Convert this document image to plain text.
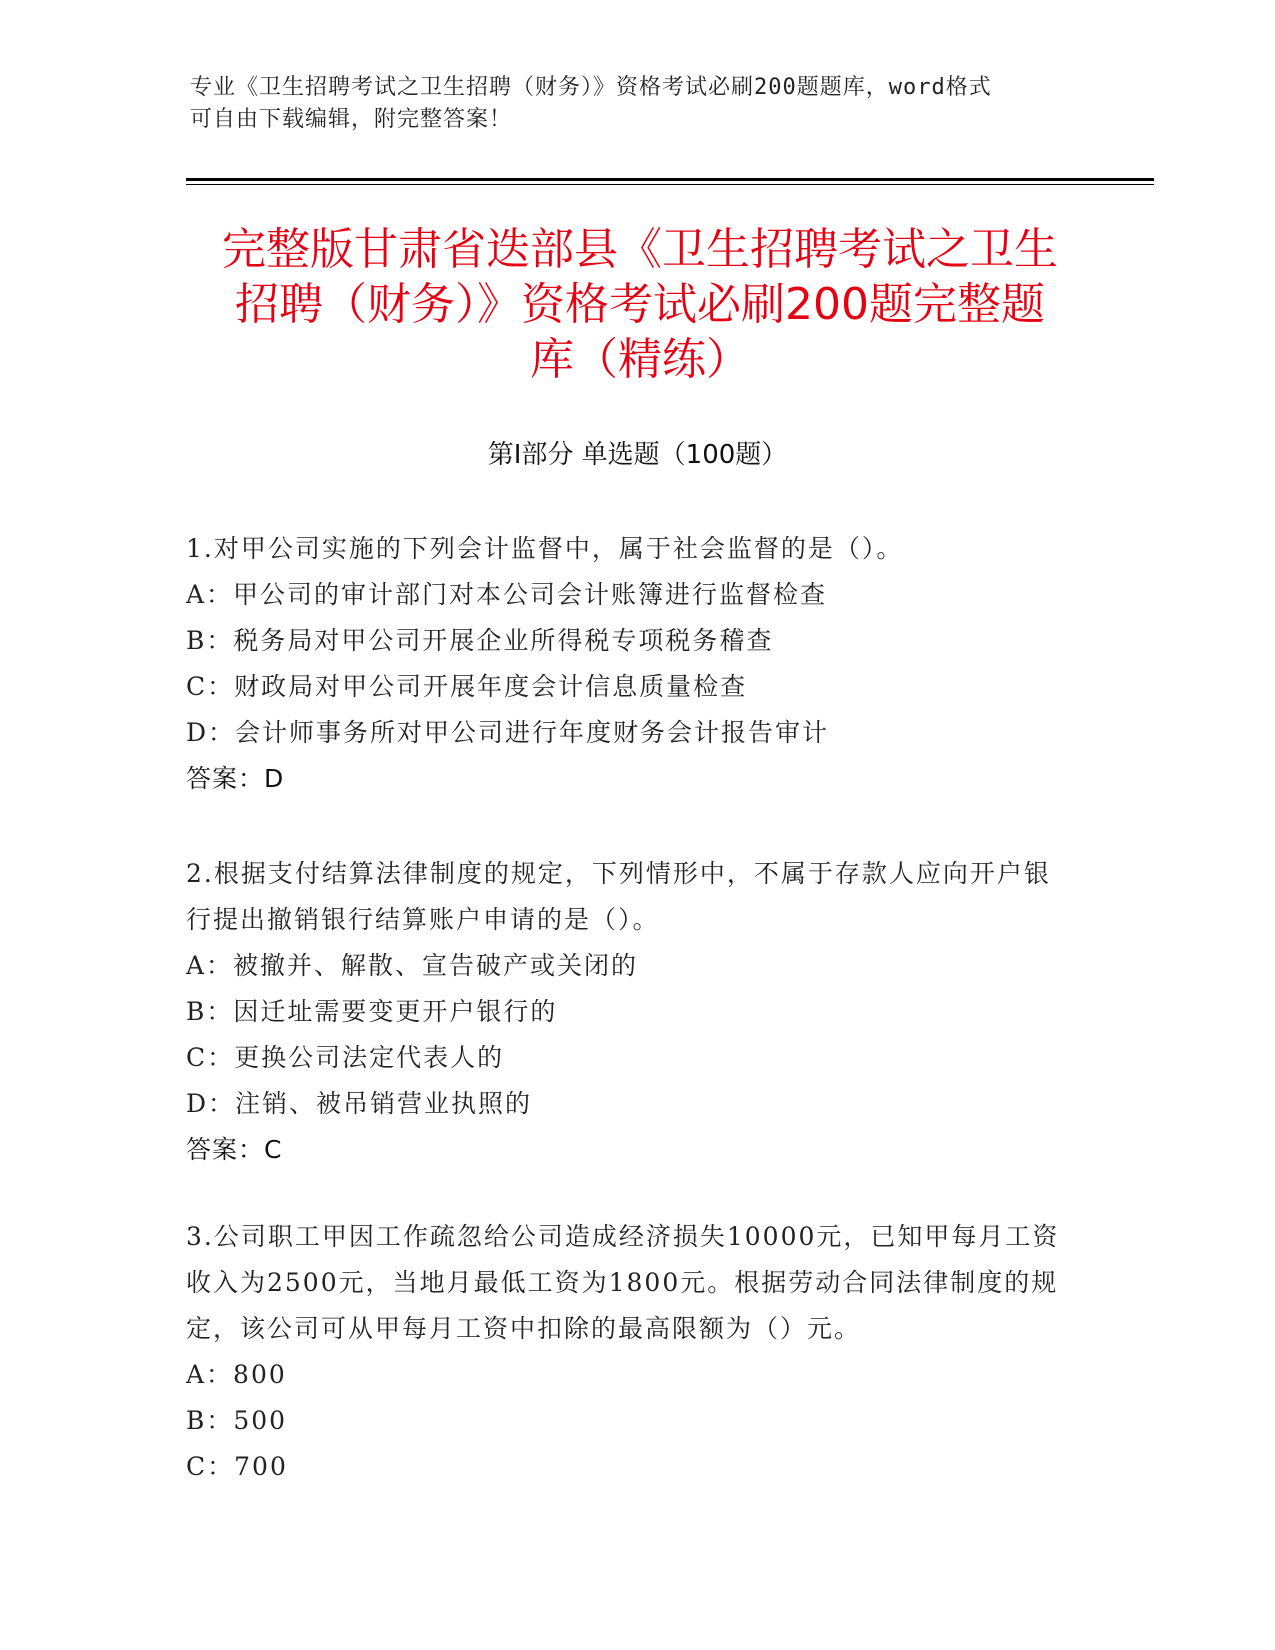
专业《卫生招聘考试之卫生招聘（财务）》资格考试必刷200题题库，word格式
可自由下载编辑，附完整答案！
完整版甘肃省迭部县《卫生招聘考试之卫生
招聘（财务）》资格考试必刷200题完整题
库（精练）
第Ⅰ部分 单选题（100题）
1.对甲公司实施的下列会计监督中，属于社会监督的是（）。
A：甲公司的审计部门对本公司会计账簿进行监督检查
B：税务局对甲公司开展企业所得税专项税务稽查
C：财政局对甲公司开展年度会计信息质量检查
D：会计师事务所对甲公司进行年度财务会计报告审计
答案：D
2.根据支付结算法律制度的规定，下列情形中，不属于存款人应向开户银行提出撤销银行结算账户申请的是（）。
A：被撤并、解散、宣告破产或关闭的
B：因迁址需要变更开户银行的
C：更换公司法定代表人的
D：注销、被吊销营业执照的
答案：C
3.公司职工甲因工作疏忽给公司造成经济损失10000元，已知甲每月工资收入为2500元，当地月最低工资为1800元。根据劳动合同法律制度的规定，该公司可从甲每月工资中扣除的最高限额为（）元。
A：800
B：500
C：700
